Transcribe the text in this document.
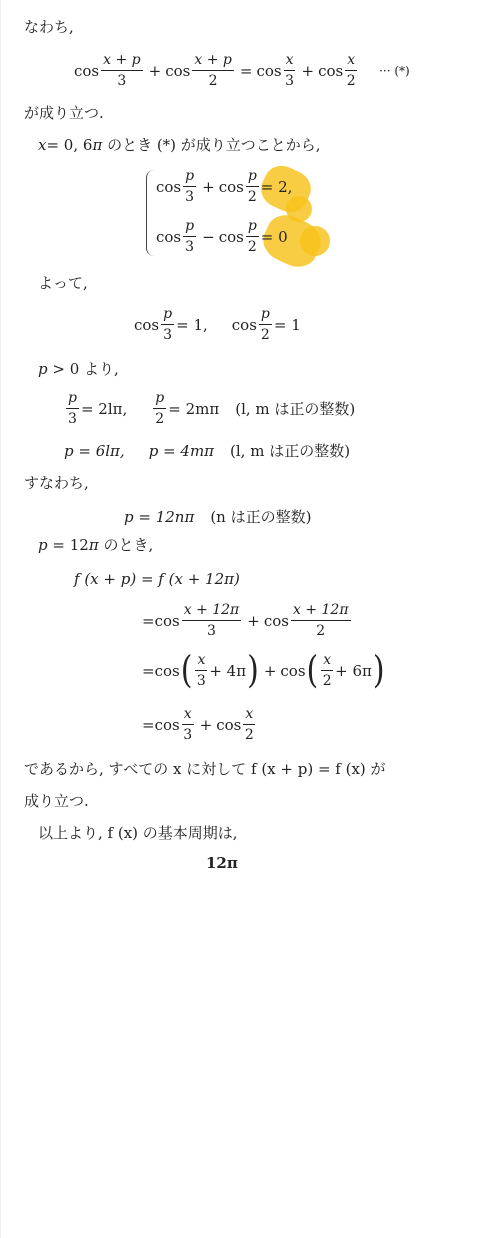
なわち,
$\cos \frac{x + p}{3} + \cos \frac{x + p}{2} = \cos \frac{x}{3} + \cos \frac{x}{2}$ ··· (*)
が成り立つ.
x= 0, 6π のとき (*) が成り立つことから,
$\cos \frac{p}{3} + \cos \frac{p}{2} = 2$,
$\cos \frac{p}{3} - \cos \frac{p}{2} = 0$
よって,
$\cos \frac{p}{3} = 1$, $\cos \frac{p}{2} = 1$
p > 0 より,
$\frac{p}{3} = 2l\pi$, $\frac{p}{2} = 2m\pi$ (l, m は正の整数)
p = 6lπ, p = 4mπ (l, m は正の整数)
すなわち,
p = 12nπ (n は正の整数)
p = 12π のとき,
f (x + p) = f (x + 12π)
= $\cos \frac{x + 12\pi}{3} + \cos \frac{x + 12\pi}{2}$
= cos ( $\frac{x}{3} + 4\pi$ ) + cos ( $\frac{x}{2} + 6\pi$ )
= $\cos \frac{x}{3} + \cos \frac{x}{2}$
であるから, すべての x に対して f (x + p) = f (x) が
成り立つ.
以上より, f (x) の基本周期は,
12π
